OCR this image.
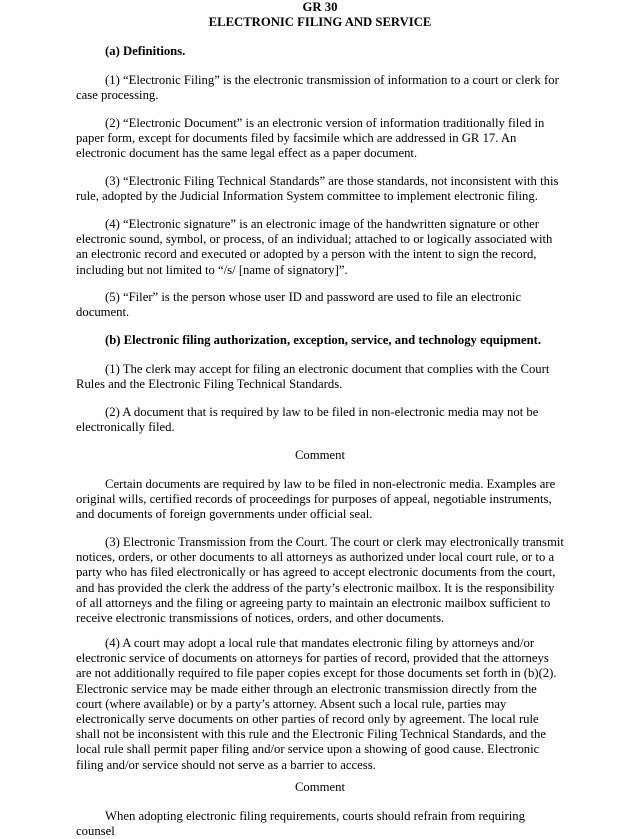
GR 30
ELECTRONIC FILING AND SERVICE

(a) Definitions.

(1) “Electronic Filing” is the electronic transmission of information to a court or clerk for case processing.

(2) “Electronic Document” is an electronic version of information traditionally filed in paper form, except for documents filed by facsimile which are addressed in GR 17. An electronic document has the same legal effect as a paper document.

(3) “Electronic Filing Technical Standards” are those standards, not inconsistent with this rule, adopted by the Judicial Information System committee to implement electronic filing.

(4) “Electronic signature” is an electronic image of the handwritten signature or other electronic sound, symbol, or process, of an individual; attached to or logically associated with an electronic record and executed or adopted by a person with the intent to sign the record, including but not limited to “/s/ [name of signatory]”.

(5) “Filer” is the person whose user ID and password are used to file an electronic document.

(b) Electronic filing authorization, exception, service, and technology equipment.

(1) The clerk may accept for filing an electronic document that complies with the Court Rules and the Electronic Filing Technical Standards.

(2) A document that is required by law to be filed in non-electronic media may not be electronically filed.

Comment

Certain documents are required by law to be filed in non-electronic media. Examples are original wills, certified records of proceedings for purposes of appeal, negotiable instruments, and documents of foreign governments under official seal.

(3) Electronic Transmission from the Court. The court or clerk may electronically transmit notices, orders, or other documents to all attorneys as authorized under local court rule, or to a party who has filed electronically or has agreed to accept electronic documents from the court, and has provided the clerk the address of the party’s electronic mailbox. It is the responsibility of all attorneys and the filing or agreeing party to maintain an electronic mailbox sufficient to receive electronic transmissions of notices, orders, and other documents.

(4) A court may adopt a local rule that mandates electronic filing by attorneys and/or electronic service of documents on attorneys for parties of record, provided that the attorneys are not additionally required to file paper copies except for those documents set forth in (b)(2). Electronic service may be made either through an electronic transmission directly from the court (where available) or by a party’s attorney. Absent such a local rule, parties may electronically serve documents on other parties of record only by agreement. The local rule shall not be inconsistent with this rule and the Electronic Filing Technical Standards, and the local rule shall permit paper filing and/or service upon a showing of good cause. Electronic filing and/or service should not serve as a barrier to access.

Comment

When adopting electronic filing requirements, courts should refrain from requiring counsel
